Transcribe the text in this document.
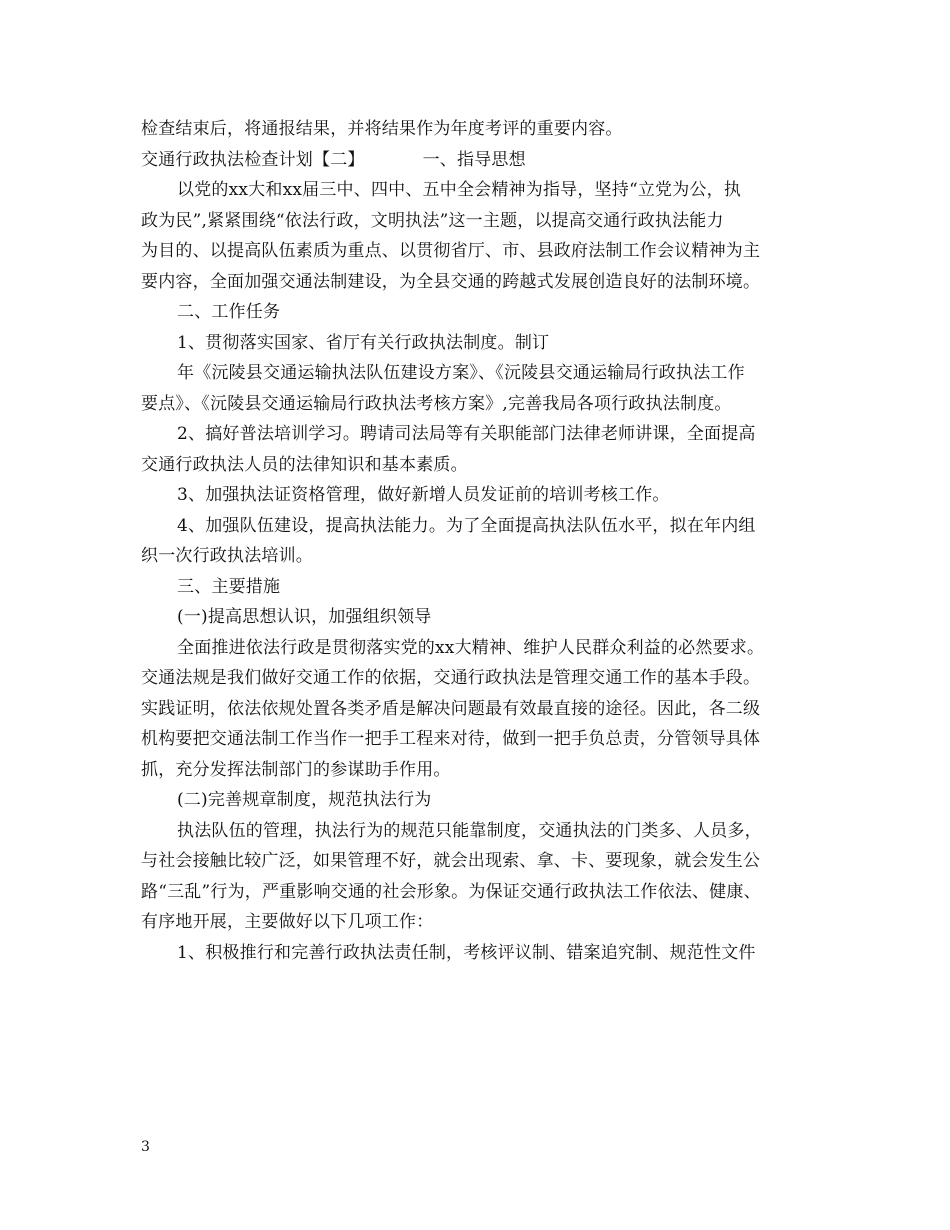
检查结束后，将通报结果，并将结果作为年度考评的重要内容。
交通行政执法检查计划【二】	一、指导思想
以党的xx大和xx届三中、四中、五中全会精神为指导，坚持“立党为公，执
政为民”,紧紧围绕“依法行政，文明执法”这一主题，以提高交通行政执法能力
为目的、以提高队伍素质为重点、以贯彻省厅、市、县政府法制工作会议精神为主
要内容，全面加强交通法制建设，为全县交通的跨越式发展创造良好的法制环境。
二、工作任务
1、贯彻落实国家、省厅有关行政执法制度。制订
年《沅陵县交通运输执法队伍建设方案》、《沅陵县交通运输局行政执法工作
要点》、《沅陵县交通运输局行政执法考核方案》,完善我局各项行政执法制度。
2、搞好普法培训学习。聘请司法局等有关职能部门法律老师讲课，全面提高
交通行政执法人员的法律知识和基本素质。
3、加强执法证资格管理，做好新增人员发证前的培训考核工作。
4、加强队伍建设，提高执法能力。为了全面提高执法队伍水平，拟在年内组
织一次行政执法培训。
三、主要措施
(一)提高思想认识，加强组织领导
全面推进依法行政是贯彻落实党的xx大精神、维护人民群众利益的必然要求。
交通法规是我们做好交通工作的依据，交通行政执法是管理交通工作的基本手段。
实践证明，依法依规处置各类矛盾是解决问题最有效最直接的途径。因此，各二级
机构要把交通法制工作当作一把手工程来对待，做到一把手负总责，分管领导具体
抓，充分发挥法制部门的参谋助手作用。
(二)完善规章制度，规范执法行为
执法队伍的管理，执法行为的规范只能靠制度，交通执法的门类多、人员多，
与社会接触比较广泛，如果管理不好，就会出现索、拿、卡、要现象，就会发生公
路“三乱”行为，严重影响交通的社会形象。为保证交通行政执法工作依法、健康、
有序地开展，主要做好以下几项工作：
1、积极推行和完善行政执法责任制，考核评议制、错案追究制、规范性文件
3
